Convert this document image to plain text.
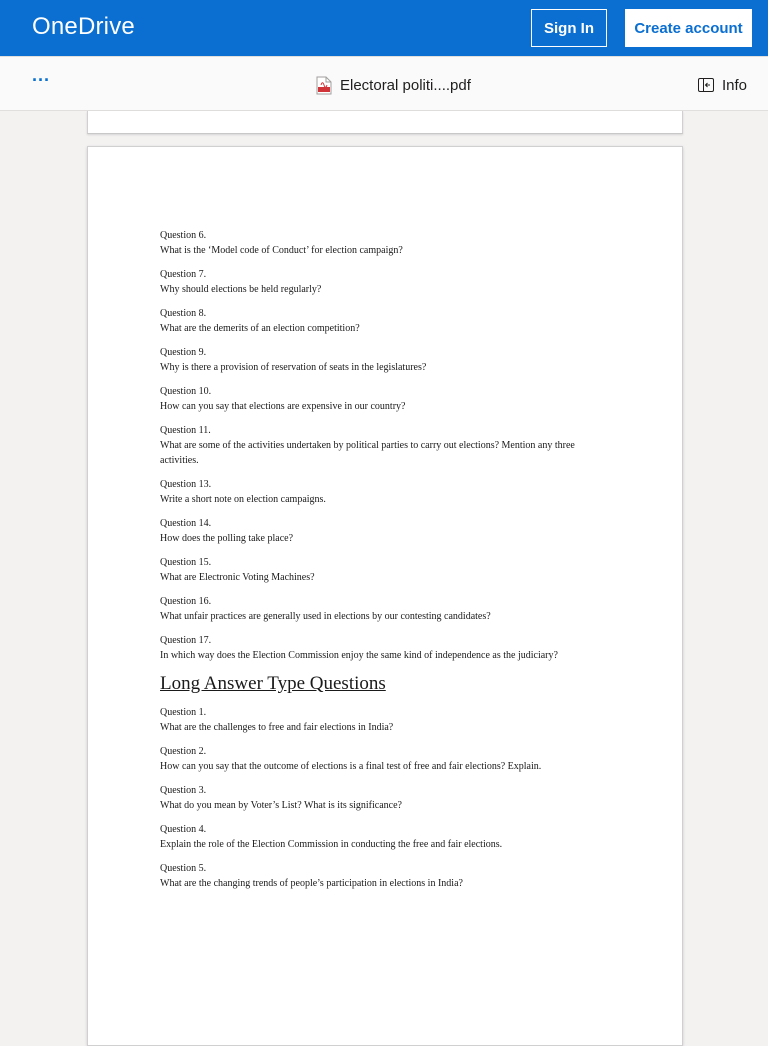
OneDrive	Sign In	Create account
···	Electoral politi....pdf	Info
Question 6.
What is the ‘Model code of Conduct’ for election campaign?
Question 7.
Why should elections be held regularly?
Question 8.
What are the demerits of an election competition?
Question 9.
Why is there a provision of reservation of seats in the legislatures?
Question 10.
How can you say that elections are expensive in our country?
Question 11.
What are some of the activities undertaken by political parties to carry out elections? Mention any three activities.
Question 13.
Write a short note on election campaigns.
Question 14.
How does the polling take place?
Question 15.
What are Electronic Voting Machines?
Question 16.
What unfair practices are generally used in elections by our contesting candidates?
Question 17.
In which way does the Election Commission enjoy the same kind of independence as the judiciary?
Long Answer Type Questions
Question 1.
What are the challenges to free and fair elections in India?
Question 2.
How can you say that the outcome of elections is a final test of free and fair elections? Explain.
Question 3.
What do you mean by Voter’s List? What is its significance?
Question 4.
Explain the role of the Election Commission in conducting the free and fair elections.
Question 5.
What are the changing trends of people’s participation in elections in India?
